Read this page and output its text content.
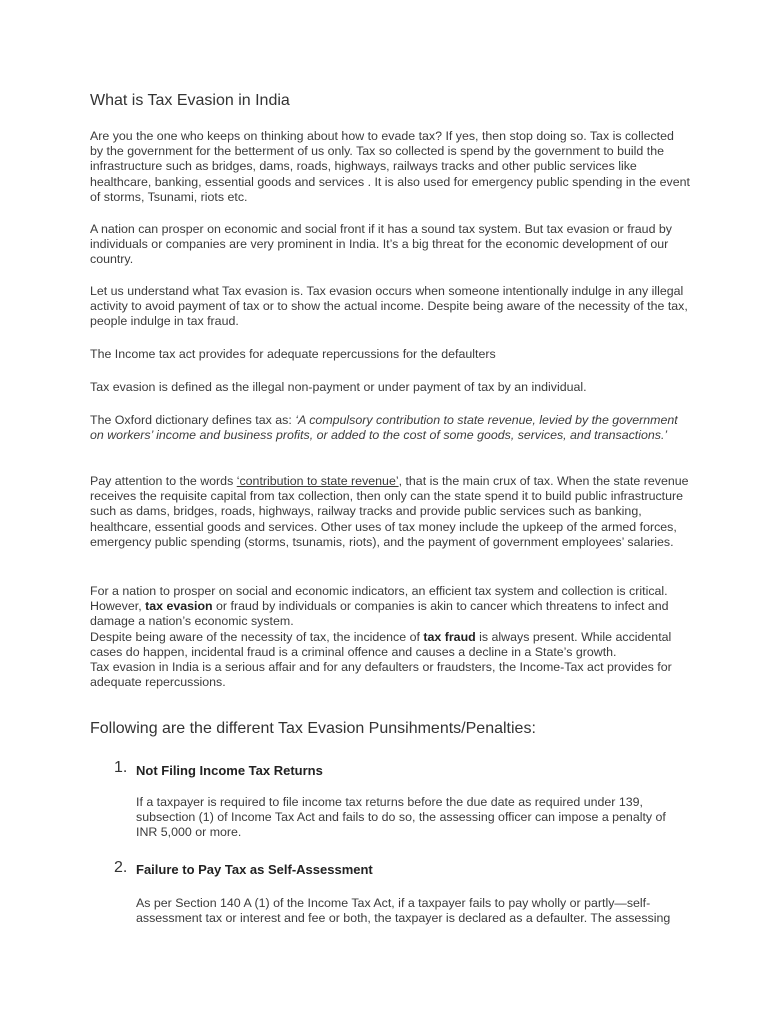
What is Tax Evasion in India

Are you the one who keeps on thinking about how to evade tax? If yes, then stop doing so. Tax is collected by the government for the betterment of us only. Tax so collected is spend by the government to build the infrastructure such as bridges, dams, roads, highways, railways tracks and other public services like healthcare, banking, essential goods and services . It is also used for emergency public spending in the event of storms, Tsunami, riots etc.

A nation can prosper on economic and social front if it has a sound tax system. But tax evasion or fraud by individuals or companies are very prominent in India. It’s a big threat for the economic development of our country.

Let us understand what Tax evasion is. Tax evasion occurs when someone intentionally indulge in any illegal activity to avoid payment of tax or to show the actual income. Despite being aware of the necessity of the tax, people indulge in tax fraud.

The Income tax act provides for adequate repercussions for the defaulters

Tax evasion is defined as the illegal non-payment or under payment of tax by an individual.

The Oxford dictionary defines tax as: ‘A compulsory contribution to state revenue, levied by the government on workers’ income and business profits, or added to the cost of some goods, services, and transactions.’

Pay attention to the words ‘contribution to state revenue’, that is the main crux of tax. When the state revenue receives the requisite capital from tax collection, then only can the state spend it to build public infrastructure such as dams, bridges, roads, highways, railway tracks and provide public services such as banking, healthcare, essential goods and services. Other uses of tax money include the upkeep of the armed forces, emergency public spending (storms, tsunamis, riots), and the payment of government employees’ salaries.

For a nation to prosper on social and economic indicators, an efficient tax system and collection is critical. However, tax evasion or fraud by individuals or companies is akin to cancer which threatens to infect and damage a nation’s economic system.
Despite being aware of the necessity of tax, the incidence of tax fraud is always present. While accidental cases do happen, incidental fraud is a criminal offence and causes a decline in a State’s growth.
Tax evasion in India is a serious affair and for any defaulters or fraudsters, the Income-Tax act provides for adequate repercussions.

Following are the different Tax Evasion Punsihments/Penalties:
1. Not Filing Income Tax Returns

If a taxpayer is required to file income tax returns before the due date as required under 139, subsection (1) of Income Tax Act and fails to do so, the assessing officer can impose a penalty of INR 5,000 or more.

2. Failure to Pay Tax as Self-Assessment

As per Section 140 A (1) of the Income Tax Act, if a taxpayer fails to pay wholly or partly—self-assessment tax or interest and fee or both, the taxpayer is declared as a defaulter. The assessing
